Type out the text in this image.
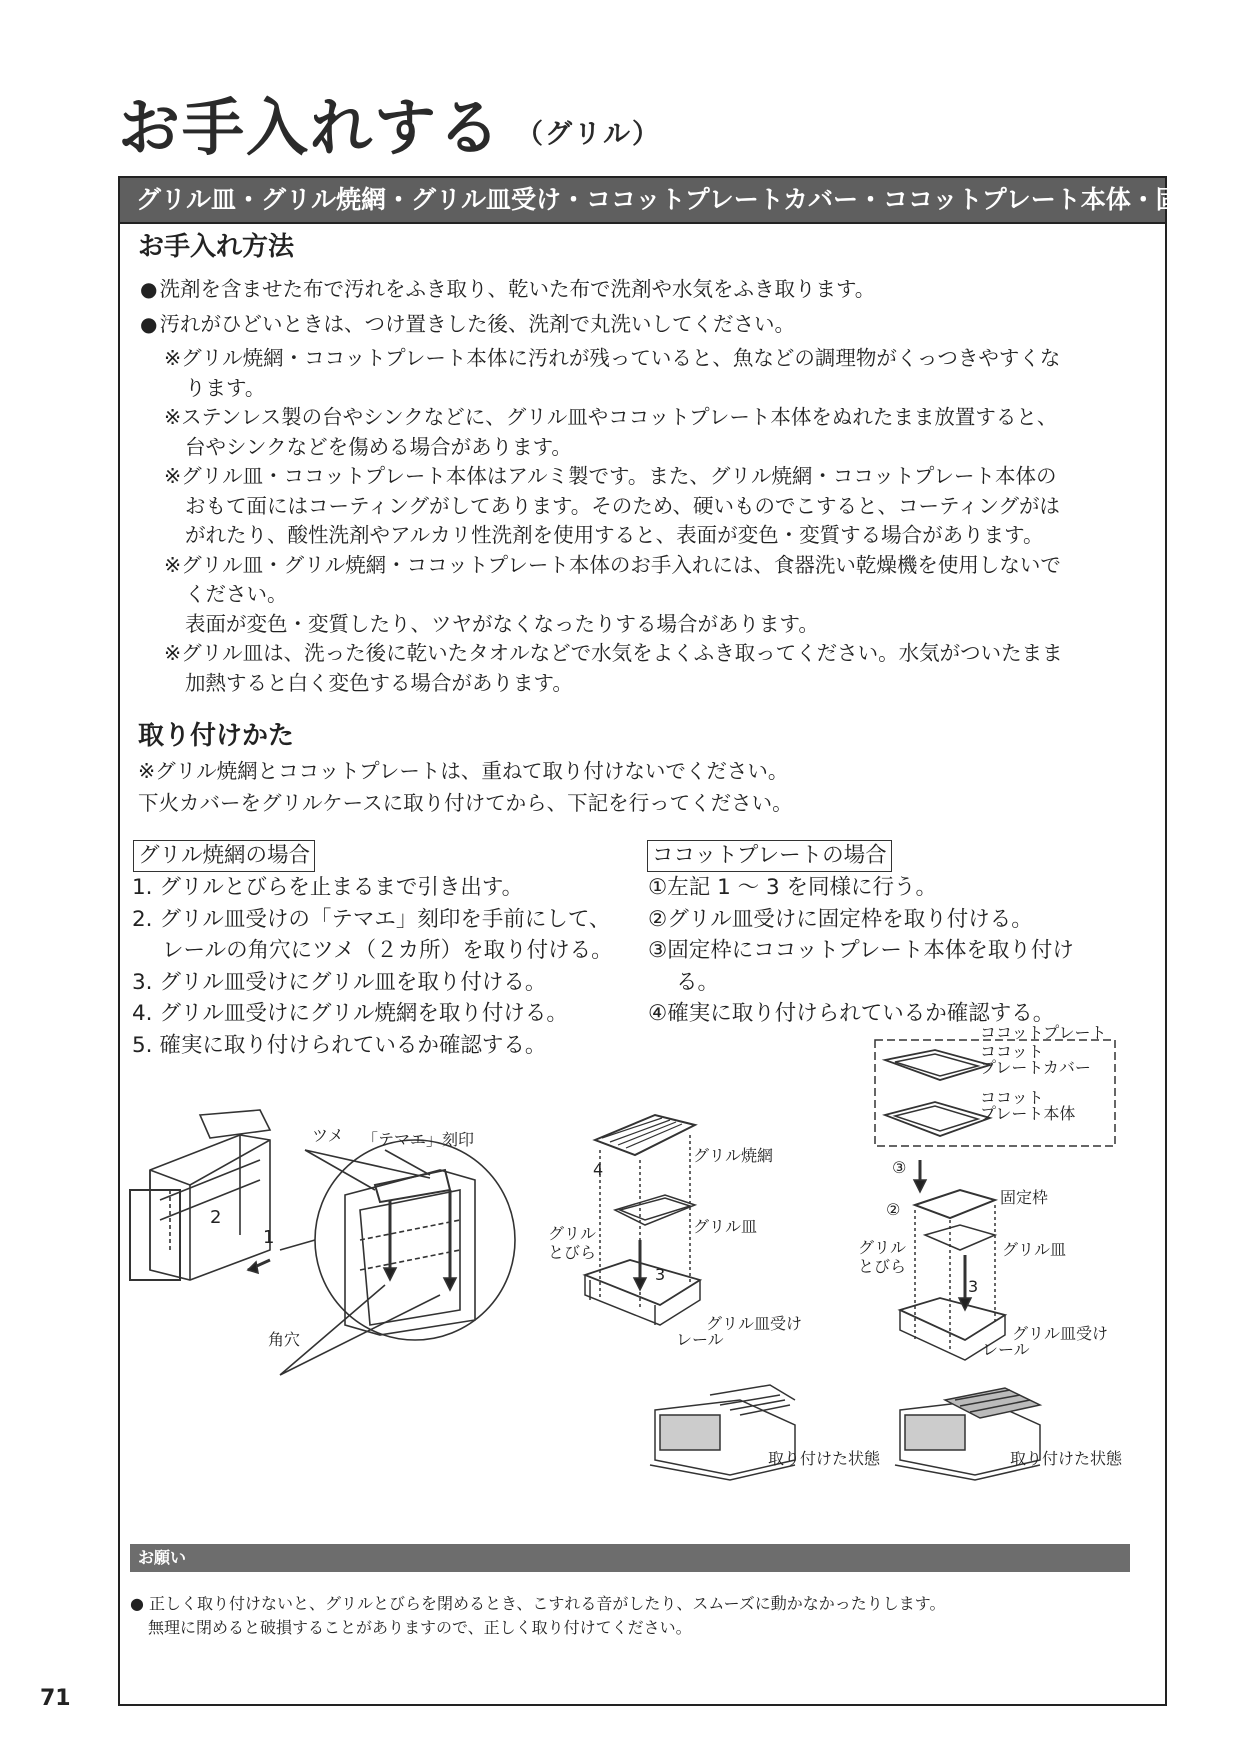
お手入れする （グリル）
グリル皿・グリル焼網・グリル皿受け・ココットプレートカバー・ココットプレート本体・固定枠
お手入れ方法
●洗剤を含ませた布で汚れをふき取り、乾いた布で洗剤や水気をふき取ります。
●汚れがひどいときは、つけ置きした後、洗剤で丸洗いしてください。
※グリル焼網・ココットプレート本体に汚れが残っていると、魚などの調理物がくっつきやすくな
ります。
※ステンレス製の台やシンクなどに、グリル皿やココットプレート本体をぬれたまま放置すると、
台やシンクなどを傷める場合があります。
※グリル皿・ココットプレート本体はアルミ製です。また、グリル焼網・ココットプレート本体の
おもて面にはコーティングがしてあります。そのため、硬いものでこすると、コーティングがは
がれたり、酸性洗剤やアルカリ性洗剤を使用すると、表面が変色・変質する場合があります。
※グリル皿・グリル焼網・ココットプレート本体のお手入れには、食器洗い乾燥機を使用しないで
ください。
表面が変色・変質したり、ツヤがなくなったりする場合があります。
※グリル皿は、洗った後に乾いたタオルなどで水気をよくふき取ってください。水気がついたまま
加熱すると白く変色する場合があります。
取り付けかた
※グリル焼網とココットプレートは、重ねて取り付けないでください。
下火カバーをグリルケースに取り付けてから、下記を行ってください。
グリル焼網の場合
1. グリルとびらを止まるまで引き出す。
2. グリル皿受けの「テマエ」刻印を手前にして、
レールの角穴にツメ（２カ所）を取り付ける。
3. グリル皿受けにグリル皿を取り付ける。
4. グリル皿受けにグリル焼網を取り付ける。
5. 確実に取り付けられているか確認する。
ココットプレートの場合
①左記 1 ～ 3 を同様に行う。
②グリル皿受けに固定枠を取り付ける。
③固定枠にココットプレート本体を取り付け
る。
④確実に取り付けられているか確認する。
ツメ 「テマエ」刻印
角穴
1
2
4
3
グリル焼網
グリル皿
グリル
とびら
グリル皿受け
レール
取り付けた状態
ココットプレート
ココット
プレートカバー
ココット
プレート本体
③
②
固定枠
グリル皿
グリル
とびら
3
グリル皿受け
レール
取り付けた状態
お願い
● 正しく取り付けないと、グリルとびらを閉めるとき、こすれる音がしたり、スムーズに動かなかったりします。
無理に閉めると破損することがありますので、正しく取り付けてください。
71
